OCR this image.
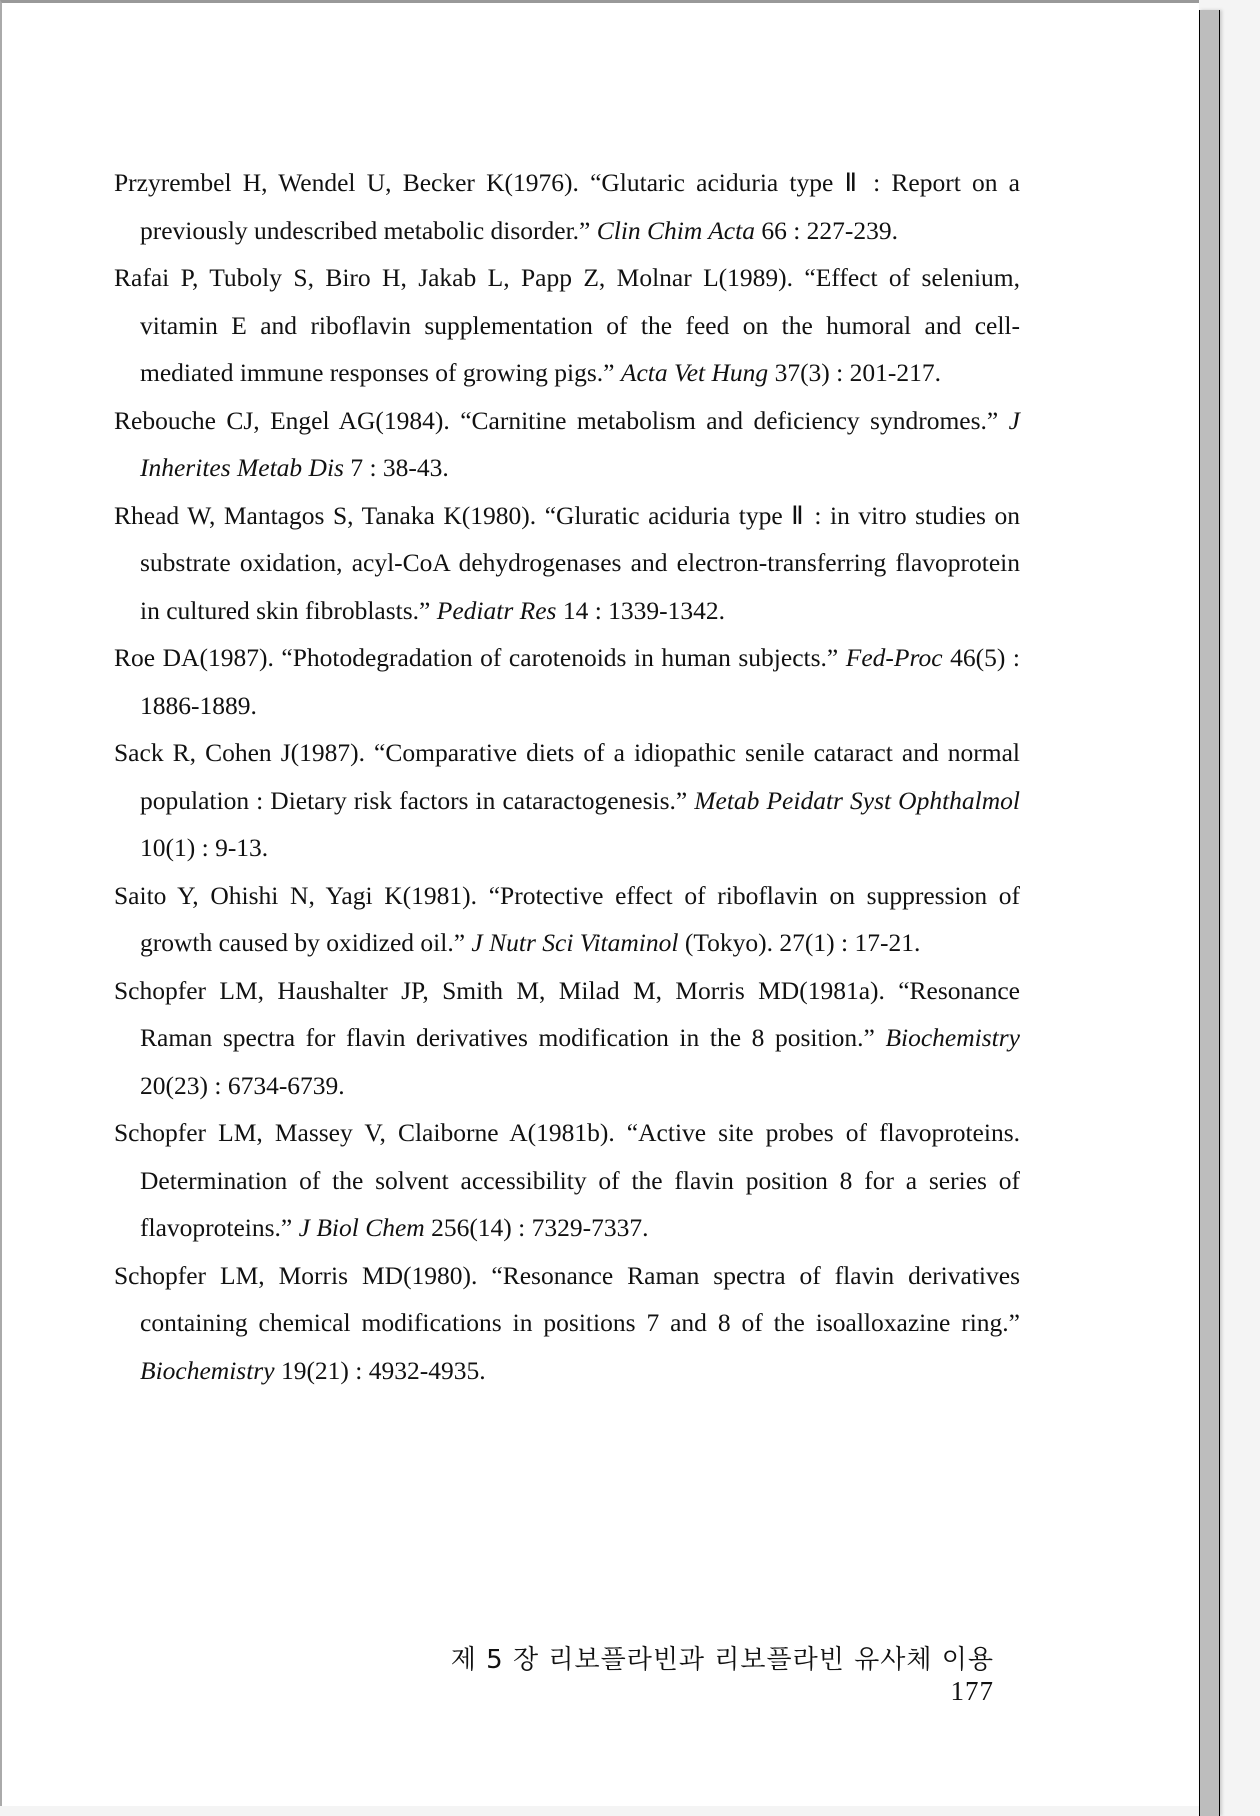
Przyrembel H, Wendel U, Becker K(1976). “Glutaric aciduria type Ⅱ : Report on a previously undescribed metabolic disorder.” Clin Chim Acta 66 : 227-239.
Rafai P, Tuboly S, Biro H, Jakab L, Papp Z, Molnar L(1989). “Effect of selenium, vitamin E and riboflavin supplementation of the feed on the humoral and cell-mediated immune responses of growing pigs.” Acta Vet Hung 37(3) : 201-217.
Rebouche CJ, Engel AG(1984). “Carnitine metabolism and deficiency syndromes.” J Inherites Metab Dis 7 : 38-43.
Rhead W, Mantagos S, Tanaka K(1980). “Gluratic aciduria type Ⅱ : in vitro studies on substrate oxidation, acyl-CoA dehydrogenases and electron-transferring flavoprotein in cultured skin fibroblasts.” Pediatr Res 14 : 1339-1342.
Roe DA(1987). “Photodegradation of carotenoids in human subjects.” Fed-Proc 46(5) : 1886-1889.
Sack R, Cohen J(1987). “Comparative diets of a idiopathic senile cataract and normal population : Dietary risk factors in cataractogenesis.” Metab Peidatr Syst Ophthalmol 10(1) : 9-13.
Saito Y, Ohishi N, Yagi K(1981). “Protective effect of riboflavin on suppression of growth caused by oxidized oil.” J Nutr Sci Vitaminol (Tokyo). 27(1) : 17-21.
Schopfer LM, Haushalter JP, Smith M, Milad M, Morris MD(1981a). “Resonance Raman spectra for flavin derivatives modification in the 8 position.” Biochemistry 20(23) : 6734-6739.
Schopfer LM, Massey V, Claiborne A(1981b). “Active site probes of flavoproteins. Determination of the solvent accessibility of the flavin position 8 for a series of flavoproteins.” J Biol Chem 256(14) : 7329-7337.
Schopfer LM, Morris MD(1980). “Resonance Raman spectra of flavin derivatives containing chemical modifications in positions 7 and 8 of the isoalloxazine ring.” Biochemistry 19(21) : 4932-4935.
제 5 장 리보플라빈과 리보플라빈 유사체 이용177
